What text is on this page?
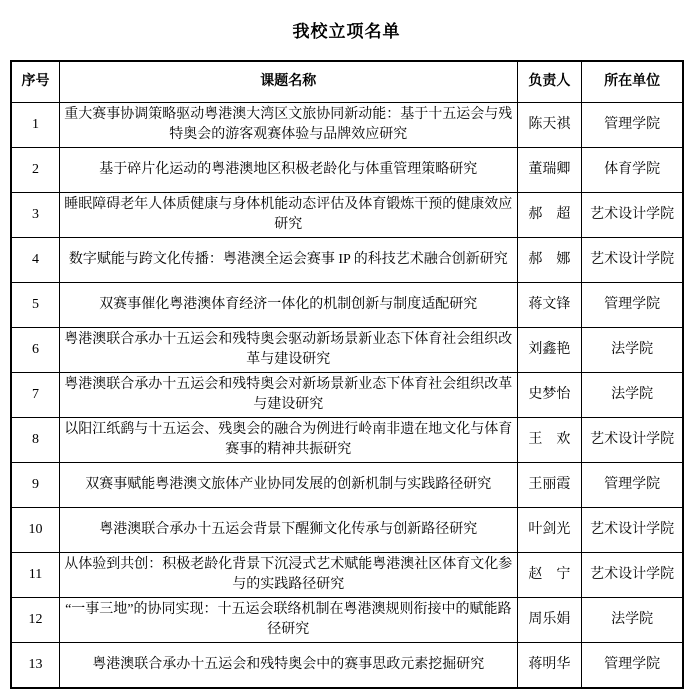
我校立项名单
序号	课题名称	负责人	所在单位
1	重大赛事协调策略驱动粤港澳大湾区文旅协同新动能：基于十五运会与残特奥会的游客观赛体验与品牌效应研究	陈天祺	管理学院
2	基于碎片化运动的粤港澳地区积极老龄化与体重管理策略研究	董瑞卿	体育学院
3	睡眠障碍老年人体质健康与身体机能动态评估及体育锻炼干预的健康效应研究	郝　超	艺术设计学院
4	数字赋能与跨文化传播：粤港澳全运会赛事 IP 的科技艺术融合创新研究	郝　娜	艺术设计学院
5	双赛事催化粤港澳体育经济一体化的机制创新与制度适配研究	蒋文锋	管理学院
6	粤港澳联合承办十五运会和残特奥会驱动新场景新业态下体育社会组织改革与建设研究	刘鑫艳	法学院
7	粤港澳联合承办十五运会和残特奥会对新场景新业态下体育社会组织改革与建设研究	史梦怡	法学院
8	以阳江纸鹞与十五运会、残奥会的融合为例进行岭南非遗在地文化与体育赛事的精神共振研究	王　欢	艺术设计学院
9	双赛事赋能粤港澳文旅体产业协同发展的创新机制与实践路径研究	王丽霞	管理学院
10	粤港澳联合承办十五运会背景下醒狮文化传承与创新路径研究	叶剑光	艺术设计学院
11	从体验到共创：积极老龄化背景下沉浸式艺术赋能粤港澳社区体育文化参与的实践路径研究	赵　宁	艺术设计学院
12	“一事三地”的协同实现：十五运会联络机制在粤港澳规则衔接中的赋能路径研究	周乐娟	法学院
13	粤港澳联合承办十五运会和残特奥会中的赛事思政元素挖掘研究	蒋明华	管理学院
